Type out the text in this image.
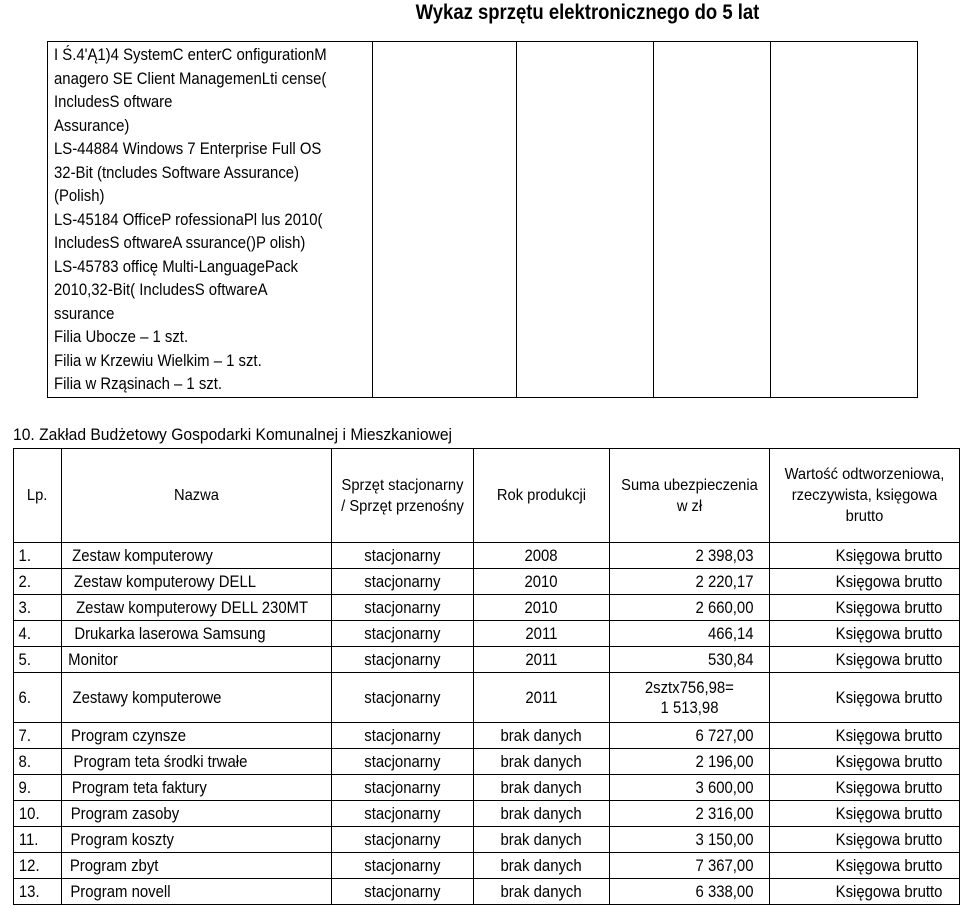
Wykaz sprzętu elektronicznego do 5 lat
I Ś.4'Ą1)4 SystemC enterC onfigurationM
anagero SE Client ManagemenLti cense(
IncludesS oftware
Assurance)
LS-44884 Windows 7 Enterprise Full OS
32-Bit (tncludes Software Assurance)
(Polish)
LS-45184 OfficeP rofessionaPl lus 2010(
IncludesS oftwareA ssurance()P olish)
LS-45783 officę Multi-LanguagePack
2010,32-Bit( IncludesS oftwareA
ssurance
Filia Ubocze – 1 szt.
Filia w Krzewiu Wielkim – 1 szt.
Filia w Rząsinach – 1 szt.

10. Zakład Budżetowy Gospodarki Komunalnej i Mieszkaniowej
Lp.	Nazwa	Sprzęt stacjonarny / Sprzęt przenośny	Rok produkcji	Suma ubezpieczenia w zł	Wartość odtworzeniowa, rzeczywista, księgowa brutto
1.	Zestaw komputerowy	stacjonarny	2008	2 398,03	Księgowa brutto
2.	Zestaw komputerowy DELL	stacjonarny	2010	2 220,17	Księgowa brutto
3.	Zestaw komputerowy DELL 230MT	stacjonarny	2010	2 660,00	Księgowa brutto
4.	Drukarka laserowa Samsung	stacjonarny	2011	466,14	Księgowa brutto
5.	Monitor	stacjonarny	2011	530,84	Księgowa brutto
6.	Zestawy komputerowe	stacjonarny	2011	2sztx756,98=
1 513,98	Księgowa brutto
7.	Program czynsze	stacjonarny	brak danych	6 727,00	Księgowa brutto
8.	Program teta środki trwałe	stacjonarny	brak danych	2 196,00	Księgowa brutto
9.	Program teta faktury	stacjonarny	brak danych	3 600,00	Księgowa brutto
10.	Program zasoby	stacjonarny	brak danych	2 316,00	Księgowa brutto
11.	Program koszty	stacjonarny	brak danych	3 150,00	Księgowa brutto
12.	Program zbyt	stacjonarny	brak danych	7 367,00	Księgowa brutto
13.	Program novell	stacjonarny	brak danych	6 338,00	Księgowa brutto
